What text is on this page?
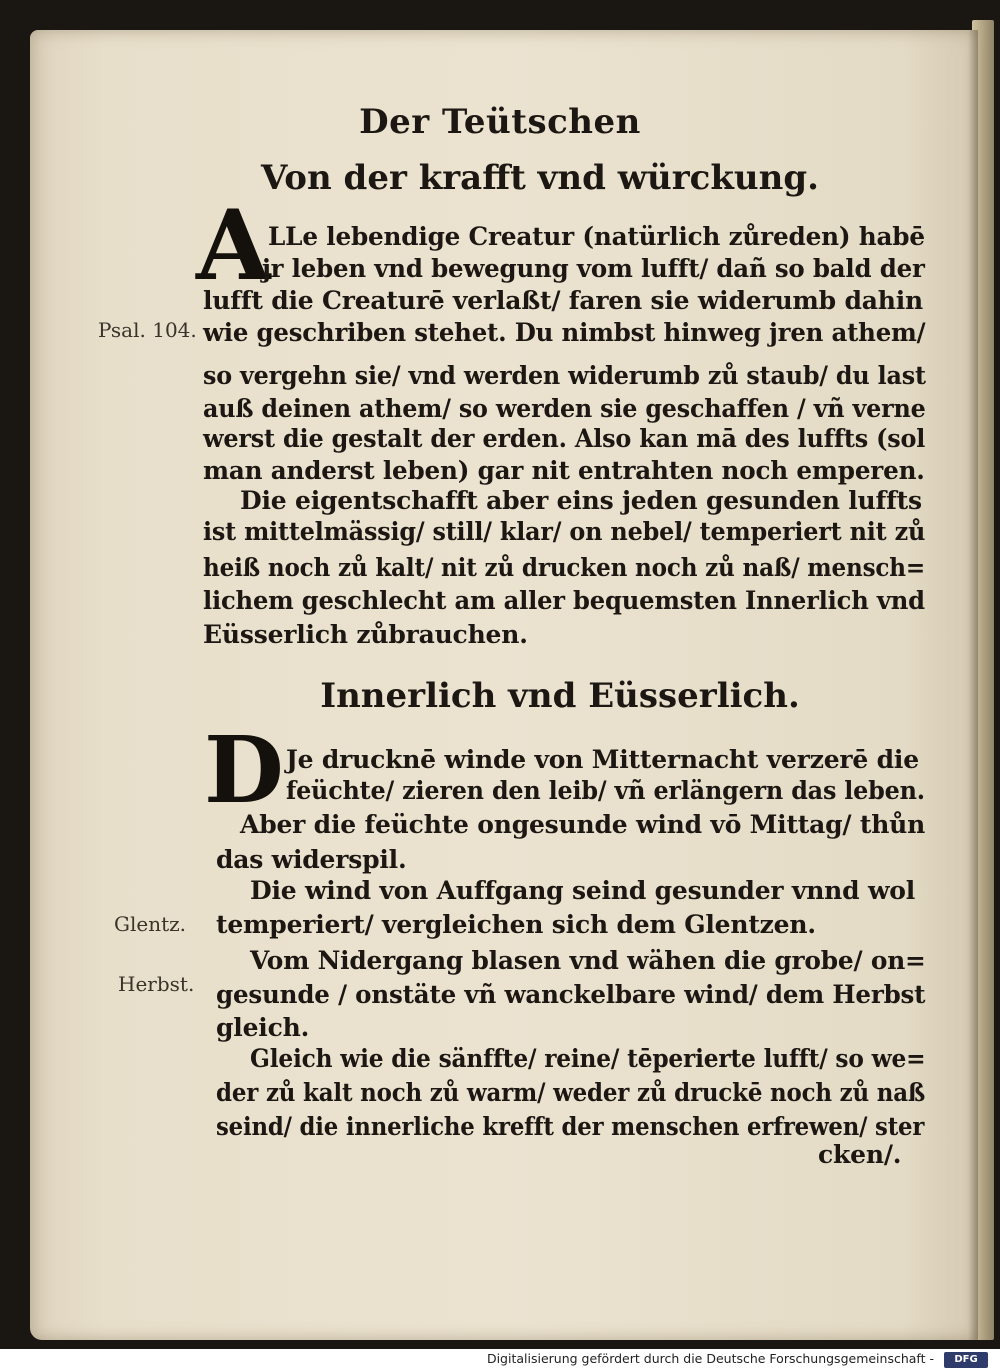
Der Teütschen
Von der krafft vnd würckung.
A
LLe lebendige Creatur (natürlich zůreden) habē
jr leben vnd bewegung vom lufft/ dañ so bald der
lufft die Creaturē verlaßt/ faren sie widerumb dahin
wie geschriben stehet. Du nimbst hinweg jren athem/
so vergehn sie/ vnd werden widerumb zů staub/ du last
auß deinen athem/ so werden sie geschaffen / vñ verne
werst die gestalt der erden. Also kan mā des luffts (sol
man anderst leben) gar nit entrahten noch emperen.
Die eigentschafft aber eins jeden gesunden luffts
ist mittelmässig/ still/ klar/ on nebel/ temperiert nit zů
heiß noch zů kalt/ nit zů drucken noch zů naß/ mensch=
lichem geschlecht am aller bequemsten Innerlich vnd
Eüsserlich zůbrauchen.
Innerlich vnd Eüsserlich.
D Je drucknē winde von Mitternacht verzerē die
feüchte/ zieren den leib/ vñ erlängern das leben.
Aber die feüchte ongesunde wind vō Mittag/ thůn
das widerspil.
Die wind von Auffgang seind gesunder vnnd wol
temperiert/ vergleichen sich dem Glentzen.
Vom Nidergang blasen vnd wähen die grobe/ on=
gesunde / onstäte vñ wanckelbare wind/ dem Herbst
gleich.
Gleich wie die sänffte/ reine/ tēperierte lufft/ so we=
der zů kalt noch zů warm/ weder zů druckē noch zů naß
seind/ die innerliche krefft der menschen erfrewen/ ster
cken/.
Psal. 104.
Glentz.
Herbst.
Digitalisierung gefördert durch die Deutsche Forschungsgemeinschaft -	DFG
